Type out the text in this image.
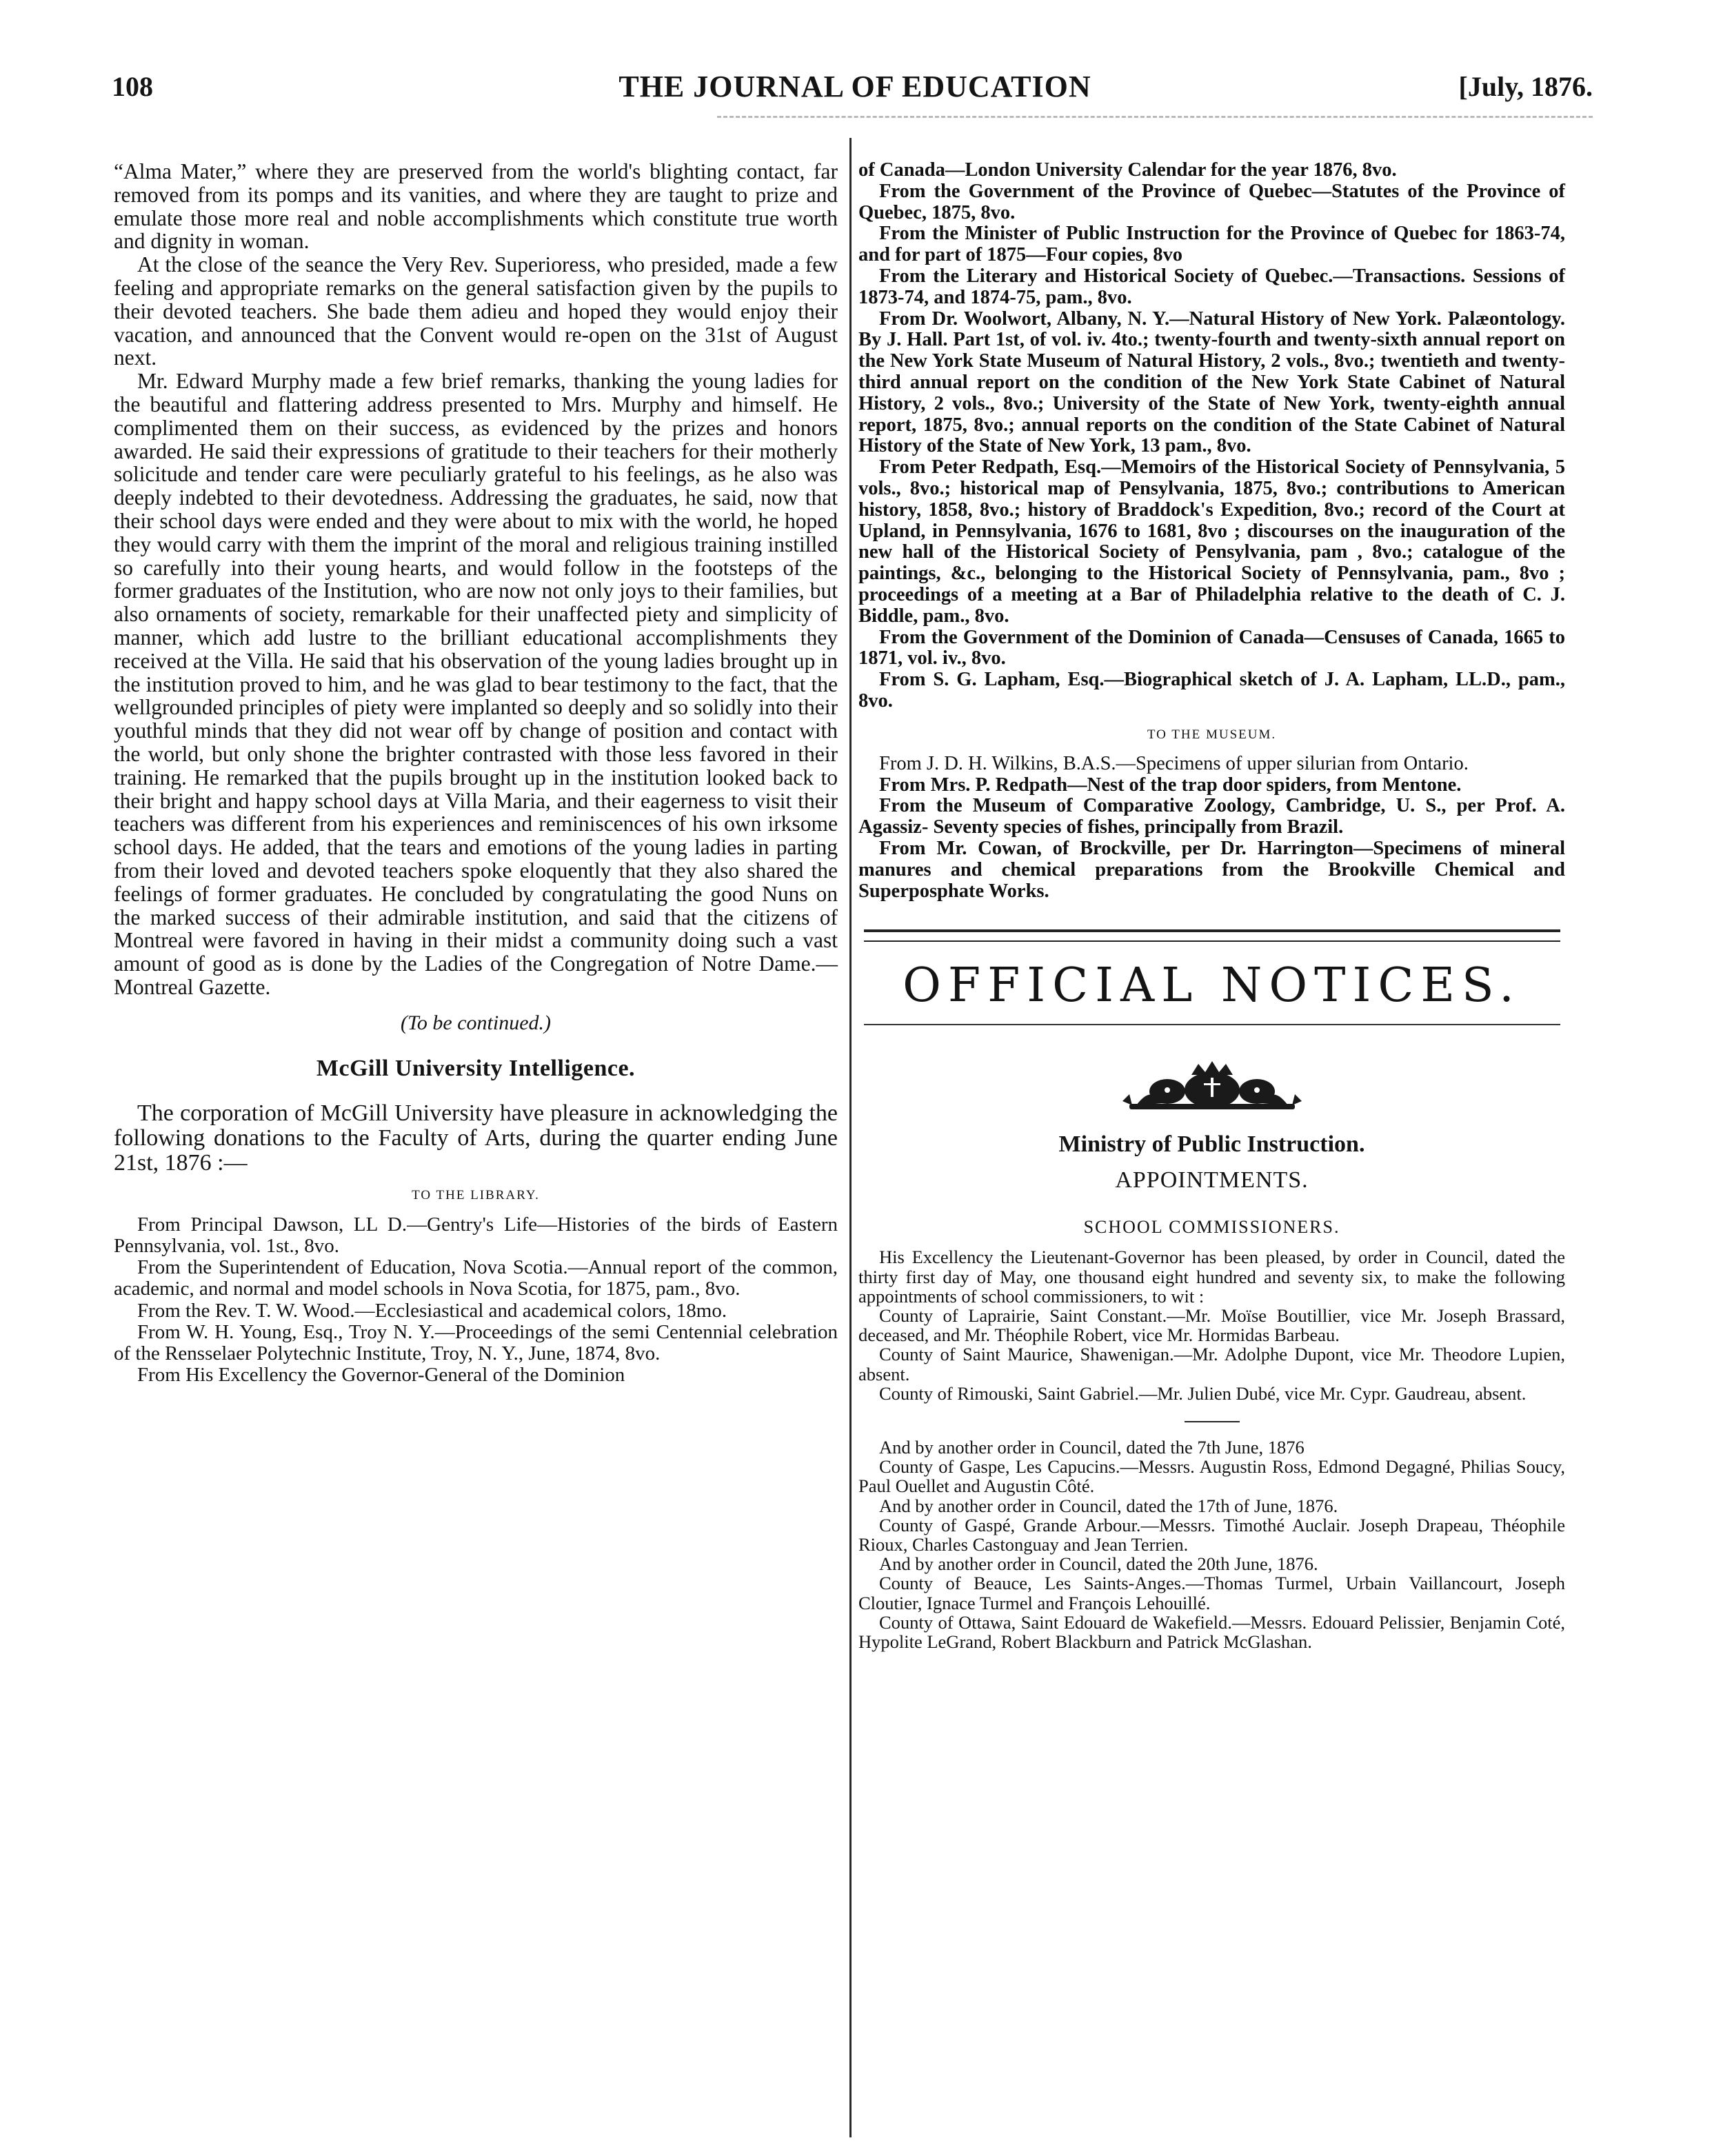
108	THE JOURNAL OF EDUCATION	[July, 1876.

“Alma Mater,” where they are preserved from the world's blighting contact, far removed from its pomps and its vanities, and where they are taught to prize and emulate those more real and noble accomplishments which constitute true worth and dignity in woman.

At the close of the seance the Very Rev. Superioress, who presided, made a few feeling and appropriate remarks on the general satisfaction given by the pupils to their devoted teachers. She bade them adieu and hoped they would enjoy their vacation, and announced that the Convent would re-open on the 31st of August next.

Mr. Edward Murphy made a few brief remarks, thanking the young ladies for the beautiful and flattering address presented to Mrs. Murphy and himself. He complimented them on their success, as evidenced by the prizes and honors awarded. He said their expressions of gratitude to their teachers for their motherly solicitude and tender care were peculiarly grateful to his feelings, as he also was deeply indebted to their devotedness. Addressing the graduates, he said, now that their school days were ended and they were about to mix with the world, he hoped they would carry with them the imprint of the moral and religious training instilled so carefully into their young hearts, and would follow in the footsteps of the former graduates of the Institution, who are now not only joys to their families, but also ornaments of society, remarkable for their unaffected piety and simplicity of manner, which add lustre to the brilliant educational accomplishments they received at the Villa. He said that his observation of the young ladies brought up in the institution proved to him, and he was glad to bear testimony to the fact, that the wellgrounded principles of piety were implanted so deeply and so solidly into their youthful minds that they did not wear off by change of position and contact with the world, but only shone the brighter contrasted with those less favored in their training. He remarked that the pupils brought up in the institution looked back to their bright and happy school days at Villa Maria, and their eagerness to visit their teachers was different from his experiences and reminiscences of his own irksome school days. He added, that the tears and emotions of the young ladies in parting from their loved and devoted teachers spoke eloquently that they also shared the feelings of former graduates. He concluded by congratulating the good Nuns on the marked success of their admirable institution, and said that the citizens of Montreal were favored in having in their midst a community doing such a vast amount of good as is done by the Ladies of the Congregation of Notre Dame.—Montreal Gazette.

(To be continued.)
McGill University Intelligence.

The corporation of McGill University have pleasure in acknowledging the following donations to the Faculty of Arts, during the quarter ending June 21st, 1876 :—

TO THE LIBRARY.

From Principal Dawson, LL D.—Gentry's Life—Histories of the birds of Eastern Pennsylvania, vol. 1st., 8vo.

From the Superintendent of Education, Nova Scotia.—Annual report of the common, academic, and normal and model schools in Nova Scotia, for 1875, pam., 8vo.

From the Rev. T. W. Wood.—Ecclesiastical and academical colors, 18mo.

From W. H. Young, Esq., Troy N. Y.—Proceedings of the semi Centennial celebration of the Rensselaer Polytechnic Institute, Troy, N. Y., June, 1874, 8vo.

From His Excellency the Governor-General of the Dominion

of Canada—London University Calendar for the year 1876, 8vo.

From the Government of the Province of Quebec—Statutes of the Province of Quebec, 1875, 8vo.

From the Minister of Public Instruction for the Province of Quebec for 1863-74, and for part of 1875—Four copies, 8vo

From the Literary and Historical Society of Quebec.—Transactions. Sessions of 1873-74, and 1874-75, pam., 8vo.

From Dr. Woolwort, Albany, N. Y.—Natural History of New York. Palæontology. By J. Hall. Part 1st, of vol. iv. 4to.; twenty-fourth and twenty-sixth annual report on the New York State Museum of Natural History, 2 vols., 8vo.; twentieth and twenty-third annual report on the condition of the New York State Cabinet of Natural History, 2 vols., 8vo.; University of the State of New York, twenty-eighth annual report, 1875, 8vo.; annual reports on the condition of the State Cabinet of Natural History of the State of New York, 13 pam., 8vo.

From Peter Redpath, Esq.—Memoirs of the Historical Society of Pennsylvania, 5 vols., 8vo.; historical map of Pensylvania, 1875, 8vo.; contributions to American history, 1858, 8vo.; history of Braddock's Expedition, 8vo.; record of the Court at Upland, in Pennsylvania, 1676 to 1681, 8vo ; discourses on the inauguration of the new hall of the Historical Society of Pensylvania, pam , 8vo.; catalogue of the paintings, &c., belonging to the Historical Society of Pennsylvania, pam., 8vo ; proceedings of a meeting at a Bar of Philadelphia relative to the death of C. J. Biddle, pam., 8vo.

From the Government of the Dominion of Canada—Censuses of Canada, 1665 to 1871, vol. iv., 8vo.

From S. G. Lapham, Esq.—Biographical sketch of J. A. Lapham, LL.D., pam., 8vo.

TO THE MUSEUM.

From J. D. H. Wilkins, B.A.S.—Specimens of upper silurian from Ontario.

From Mrs. P. Redpath—Nest of the trap door spiders, from Mentone.

From the Museum of Comparative Zoology, Cambridge, U. S., per Prof. A. Agassiz- Seventy species of fishes, principally from Brazil.

From Mr. Cowan, of Brockville, per Dr. Harrington—Specimens of mineral manures and chemical preparations from the Brookville Chemical and Superposphate Works.

OFFICIAL NOTICES.
Ministry of Public Instruction.
APPOINTMENTS.
SCHOOL COMMISSIONERS.

His Excellency the Lieutenant-Governor has been pleased, by order in Council, dated the thirty first day of May, one thousand eight hundred and seventy six, to make the following appointments of school commissioners, to wit :

County of Laprairie, Saint Constant.—Mr. Moïse Boutillier, vice Mr. Joseph Brassard, deceased, and Mr. Théophile Robert, vice Mr. Hormidas Barbeau.

County of Saint Maurice, Shawenigan.—Mr. Adolphe Dupont, vice Mr. Theodore Lupien, absent.

County of Rimouski, Saint Gabriel.—Mr. Julien Dubé, vice Mr. Cypr. Gaudreau, absent.

And by another order in Council, dated the 7th June, 1876

County of Gaspe, Les Capucins.—Messrs. Augustin Ross, Edmond Degagné, Philias Soucy, Paul Ouellet and Augustin Côté.

And by another order in Council, dated the 17th of June, 1876.

County of Gaspé, Grande Arbour.—Messrs. Timothé Auclair. Joseph Drapeau, Théophile Rioux, Charles Castonguay and Jean Terrien.

And by another order in Council, dated the 20th June, 1876.

County of Beauce, Les Saints-Anges.—Thomas Turmel, Urbain Vaillancourt, Joseph Cloutier, Ignace Turmel and François Lehouillé.

County of Ottawa, Saint Edouard de Wakefield.—Messrs. Edouard Pelissier, Benjamin Coté, Hypolite LeGrand, Robert Blackburn and Patrick McGlashan.
